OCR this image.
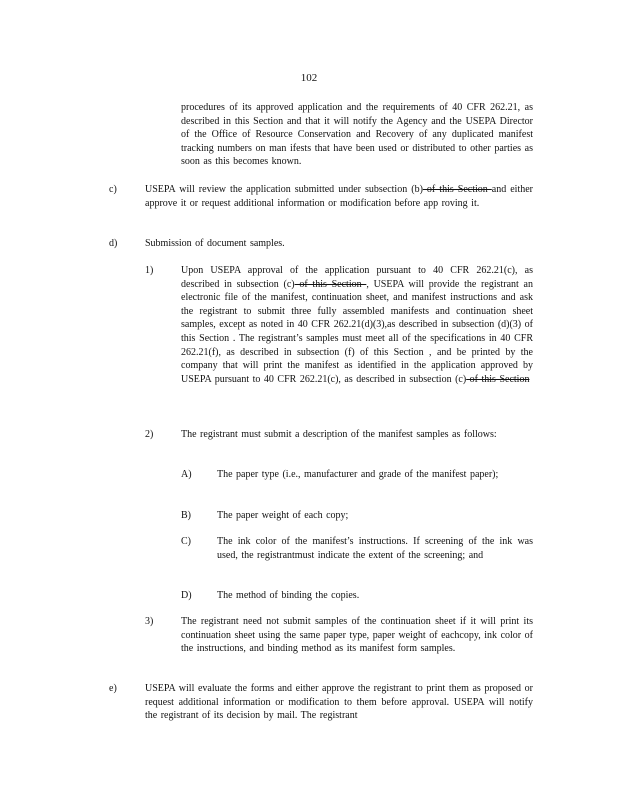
102

procedures of its approved application and the requirements of 40 CFR 262.21, as described in this Section and that it will notify the Agency and the USEPA Director of the Office of Resource Conservation and Recovery of any duplicated manifest tracking numbers on man ifests that have been used or distributed to other parties as soon as this becomes known.

c)	USEPA will review the application submitted under subsection (b) of this Section and either approve it or request additional information or modification before app roving it.

d)	Submission of document samples.

1)	Upon USEPA approval of the application pursuant to 40 CFR 262.21(c), as described in subsection (c) of this Section , USEPA will provide the registrant an electronic file of the manifest, continuation sheet, and manifest instructions and ask the registrant to submit three fully assembled manifests and continuation sheet samples, except as noted in 40 CFR 262.21(d)(3),as described in subsection (d)(3) of this Section . The registrant’s samples must meet all of the specifications in 40 CFR 262.21(f), as described in subsection (f) of this Section , and be printed by the company that will print the manifest as identified in the application approved by USEPA pursuant to 40 CFR 262.21(c), as described in subsection (c) of this Section

2)	The registrant must submit a description of the manifest samples as follows:

A)	The paper type (i.e., manufacturer and grade of the manifest paper);

B)	The paper weight of each copy;

C)	The ink color of the manifest’s instructions. If screening of the ink was used, the registrantmust indicate the extent of the screening; and

D)	The method of binding the copies.

3)	The registrant need not submit samples of the continuation sheet if it will print its continuation sheet using the same paper type, paper weight of eachcopy, ink color of the instructions, and binding method as its manifest form samples.

e)	USEPA will evaluate the forms and either approve the registrant to print them as proposed or request additional information or modification to them before approval. USEPA will notify the registrant of its decision by mail. The registrant
